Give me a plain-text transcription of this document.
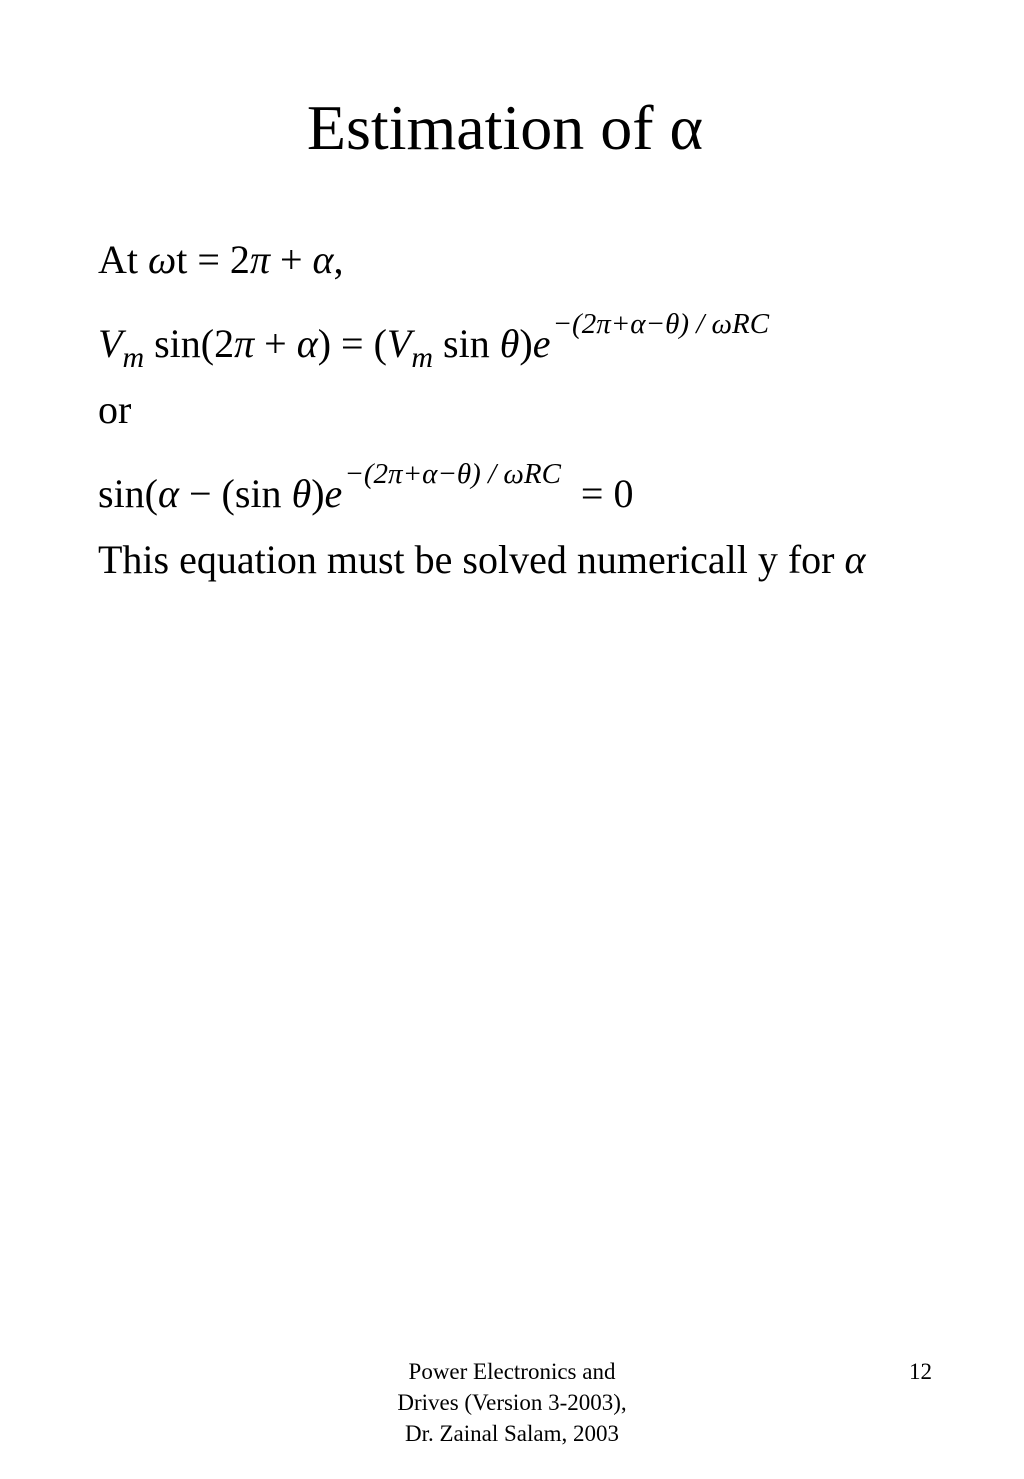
Estimation of α
At ωt = 2π + α,
$V_m$ $\sin(2\pi + \alpha) = (V_m$ $\sin \theta)e^{-(2\pi+\alpha-\theta) / \omega RC}$
or
sin(α − (sin $\theta)e^{-(2\pi+\alpha-\theta) / \omega RC} = 0$
This equation must be solved numericall y for α
Power Electronics and
Drives (Version 3-2003),
Dr. Zainal Salam, 2003
12
